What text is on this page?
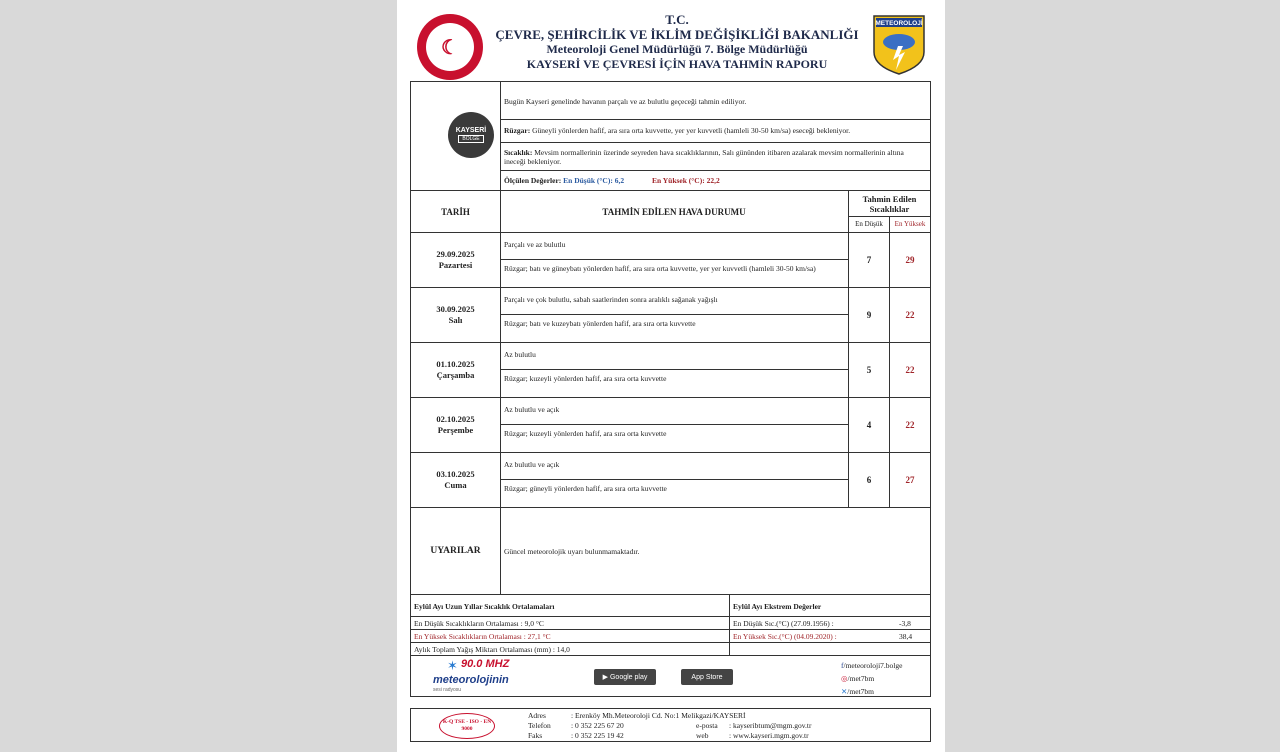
☾
T.C.
ÇEVRE, ŞEHİRCİLİK VE İKLİM DEĞİŞİKLİĞİ BAKANLIĞI
Meteoroloji Genel Müdürlüğü 7. Bölge Müdürlüğü
KAYSERİ VE ÇEVRESİ İÇİN HAVA TAHMİN RAPORU
METEOROLOJİ
KAYSERİ
BÖLGE
Bugün Kayseri genelinde havanın parçalı ve az bulutlu geçeceği tahmin ediliyor.
Rüzgar: Güneyli yönlerden hafif, ara sıra orta kuvvette, yer yer kuvvetli (hamleli 30-50 km/sa) eseceği bekleniyor.
Sıcaklık: Mevsim normallerinin üzerinde seyreden hava sıcaklıklarının, Salı gününden itibaren azalarak mevsim normallerinin altına ineceği bekleniyor.
Ölçülen Değerler: En Düşük (°C): 6,2	En Yüksek (°C): 22,2
TARİH	TAHMİN EDİLEN HAVA DURUMU
Tahmin Edilen Sıcaklıklar
En Düşük	En Yüksek
29.09.2025
Pazartesi
Parçalı ve az bulutlu
Rüzgar; batı ve güneybatı yönlerden hafif, ara sıra orta kuvvette, yer yer kuvvetli (hamleli 30-50 km/sa)
7	29
30.09.2025
Salı
Parçalı ve çok bulutlu, sabah saatlerinden sonra aralıklı sağanak yağışlı
Rüzgar; batı ve kuzeybatı yönlerden hafif, ara sıra orta kuvvette
9	22
01.10.2025
Çarşamba
Az bulutlu
Rüzgar; kuzeyli yönlerden hafif, ara sıra orta kuvvette
5	22
02.10.2025
Perşembe
Az bulutlu ve açık
Rüzgar; kuzeyli yönlerden hafif, ara sıra orta kuvvette
4	22
03.10.2025
Cuma
Az bulutlu ve açık
Rüzgar; güneyli yönlerden hafif, ara sıra orta kuvvette
6	27
UYARILAR	Güncel meteorolojik uyarı bulunmamaktadır.
Eylül Ayı Uzun Yıllar Sıcaklık Ortalamaları
En Düşük Sıcaklıkların Ortalaması : 9,0 °C
En Yüksek Sıcaklıkların Ortalaması : 27,1 °C
Aylık Toplam Yağış Miktarı Ortalaması (mm) : 14,0
Eylül Ayı Ekstrem Değerler
En Düşük Sıc.(°C) (27.09.1956) :	-3,8
En Yüksek Sıc.(°C) (04.09.2020) :	38,4
90.0 MHZ
✶
meteorolojinin
sesi radyosu
▶ Google play	App Store
f/meteoroloji7.bolge
◎/met7bm
✕/met7bm
K-Q TSE - ISO - EN 9000
Adres	: Erenköy Mh.Meteoroloji Cd. No:1 Melikgazi/KAYSERİ
Telefon	: 0 352 225 67 20	e-posta : kayseribtum@mgm.gov.tr
Faks	: 0 352 225 19 42	web	: www.kayseri.mgm.gov.tr
